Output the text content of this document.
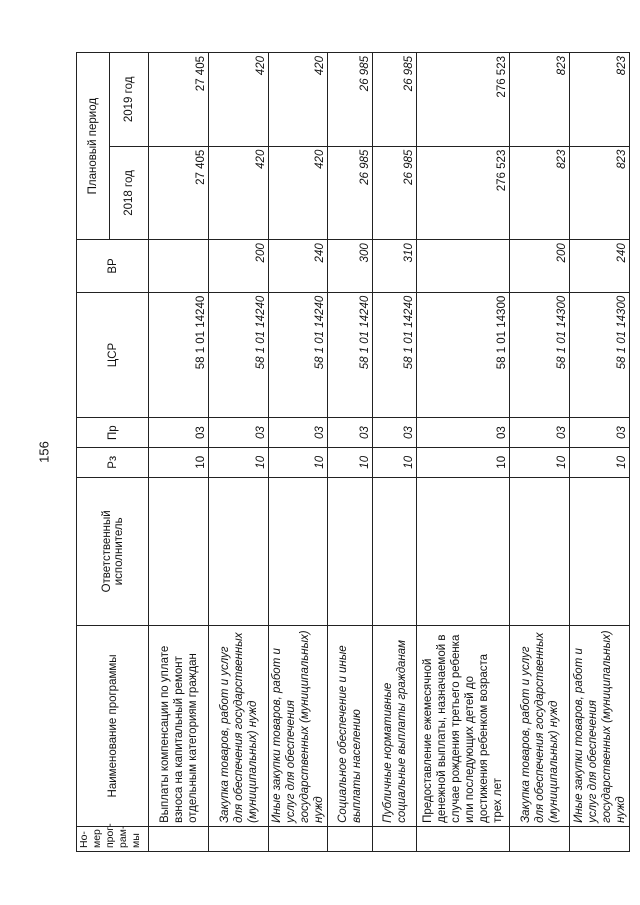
156
Но- мер прог- рам- мы	Наименование программы	Ответственный исполнитель	Рз	Пр	ЦСР	ВР	Плановый период	
							2018 год	2019 год
	Выплаты компенсации по уплате взноса на капитальный ремонт отдельным категориям граждан		10	03	58 1 01 14240		27 405	27 405
	Закупка товаров, работ и услуг для обеспечения государственных (муниципальных) нужд		10	03	58 1 01 14240	200	420	420
	Иные закупки товаров, работ и услуг для обеспечения государственных (муниципальных) нужд		10	03	58 1 01 14240	240	420	420
	Социальное обеспечение и иные выплаты населению		10	03	58 1 01 14240	300	26 985	26 985
	Публичные нормативные социальные выплаты гражданам		10	03	58 1 01 14240	310	26 985	26 985
	Предоставление ежемесячной денежной выплаты, назначаемой в случае рождения третьего ребенка или последующих детей до достижения ребенком возраста трех лет		10	03	58 1 01 14300		276 523	276 523
	Закупка товаров, работ и услуг для обеспечения государственных (муниципальных) нужд		10	03	58 1 01 14300	200	823	823
	Иные закупки товаров, работ и услуг для обеспечения государственных (муниципальных) нужд		10	03	58 1 01 14300	240	823	823
